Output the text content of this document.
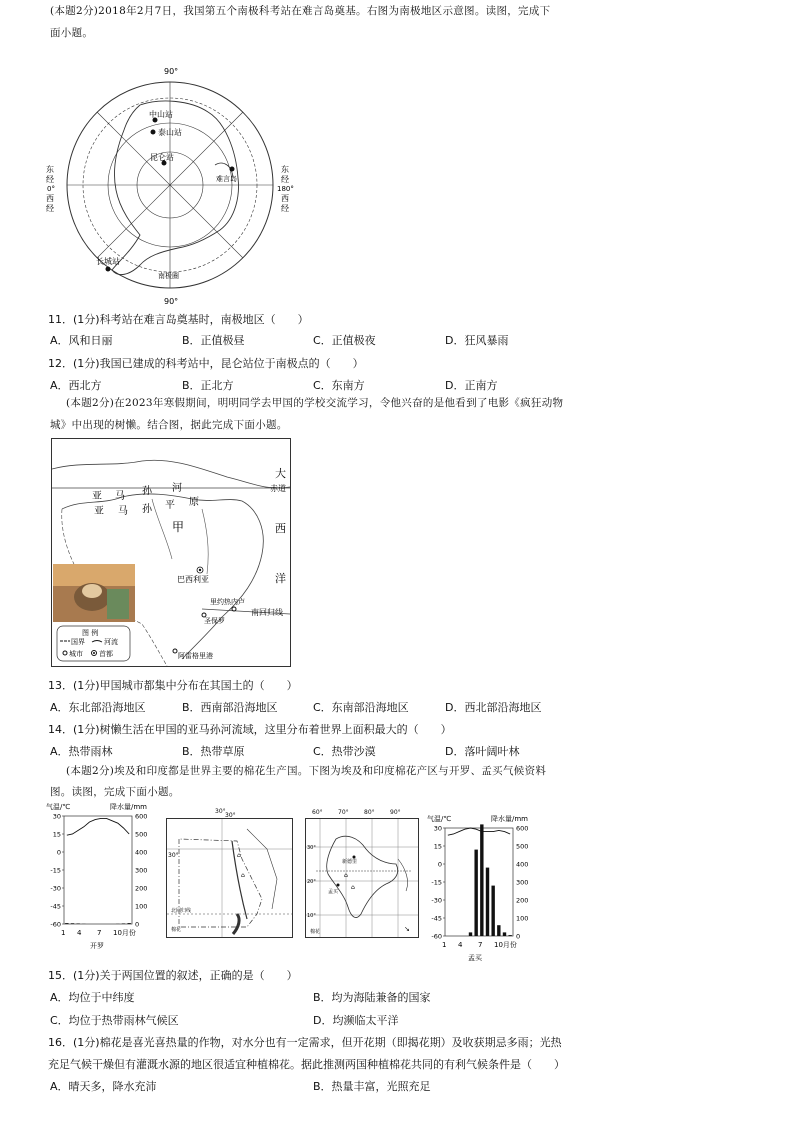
(本题2分)2018年2月7日，我国第五个南极科考站在难言岛奠基。右图为南极地区示意图。读图，完成下
面小题。
中山站
泰山站
昆仑站
难言岛
长城站
南极圈
90°
90°
东
经
0°
西
经
东
经
180°
西
经
11．(1分)科考站在难言岛奠基时，南极地区（　　）
A．风和日丽	B．正值极昼	C．正值极夜	D．狂风暴雨
12．(1分)我国已建成的科考站中，昆仑站位于南极点的（　　）
A．西北方	B．正北方	C．东南方	D．正南方
(本题2分)在2023年寒假期间，明明同学去甲国的学校交流学习，令他兴奋的是他看到了电影《疯狂动物
城》中出现的树懒。结合图，据此完成下面小题。
大
赤道
西
洋
亚 马 孙 河
亚 马 孙 平 原
甲
巴西利亚
里约热内卢
南回归线
圣保罗
阿雷格里港
图 例
国界	河流
城市 首都
13．(1分)甲国城市都集中分布在其国土的（　　）
A．东北部沿海地区	B．西南部沿海地区	C．东南部沿海地区	D．西北部沿海地区
14．(1分)树懒生活在甲国的亚马孙河流域，这里分布着世界上面积最大的（　　）
A．热带雨林	B．热带草原	C．热带沙漠	D．落叶阔叶林
(本题2分)埃及和印度都是世界主要的棉花生产国。下图为埃及和印度棉花产区与开罗、孟买气候资料
图。读图，完成下面小题。
气温/℃	降水量/mm
1 4 7 10月份
开罗
30
15
0
-15
-30
-45
-60
600
500
400
300
200
100
0
⌂
⌂
30°
30°
北回归线
棉花
30°
新德里
孟买
⌂
⌂
30°
20°
10°
棉花	↘
60°	70°	80°	90°
气温/℃	降水量/mm
1 4 7 10月份
孟买
30
15
0
-15
-30
-45
-60
600
500
400
300
200
100
0
15．(1分)关于两国位置的叙述，正确的是（　　）
A．均位于中纬度	B．均为海陆兼备的国家
C．均位于热带雨林气候区	D．均濒临太平洋
16．(1分)棉花是喜光喜热量的作物，对水分也有一定需求，但开花期（即揭花期）及收获期忌多雨；光热
充足气候干燥但有灌溉水源的地区很适宜种植棉花。据此推测两国种植棉花共同的有利气候条件是（　　）
A．晴天多，降水充沛	B．热量丰富，光照充足
